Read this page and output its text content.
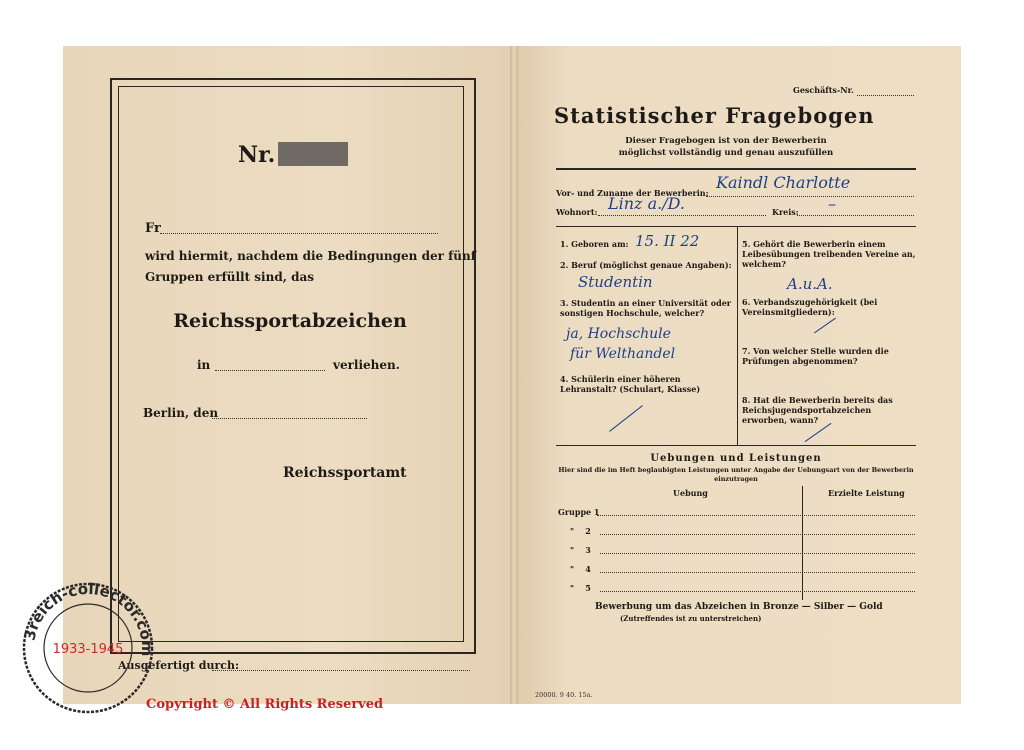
Nr.
Fr
wird hiermit, nachdem die Bedingungen der fünf
Gruppen erfüllt sind, das
Reichssportabzeichen
in	verliehen.
Berlin, den
Reichssportamt
Ausgefertigt durch:
Geschäfts-Nr.
Statistischer Fragebogen
Dieser Fragebogen ist von der Bewerberin
möglichst vollständig und genau auszufüllen
Vor- und Zuname der Bewerberin:
Kaindl Charlotte
Wohnort: Linz a./D.	Kreis: –
1. Geboren am: 15. II 22
2. Beruf (möglichst genaue Angaben):
Studentin
3. Studentin an einer Universität oder sonstigen Hochschule, welcher?
ja, Hochschule
für Welthandel
4. Schülerin einer höheren Lehranstalt? (Schulart, Klasse)
5. Gehört die Bewerberin einem Leibesübungen treibenden Vereine an, welchem?
A.u.A.
6. Verbandszugehörigkeit (bei Vereinsmitgliedern):
7. Von welcher Stelle wurden die Prüfungen abgenommen?
8. Hat die Bewerberin bereits das Reichsjugendsportabzeichen erworben, wann?
Uebungen und Leistungen
Hier sind die im Heft beglaubigten Leistungen unter Angabe der Uebungsart von der Bewerberin
einzutragen
Uebung	Erzielte Leistung
Gruppe 1
"    2
"    3
"    4
"    5
Bewerbung um das Abzeichen in Bronze — Silber — Gold
(Zutreffendes ist zu unterstreichen)
20000. 9 40. 15a.
3reich-collector.com
1933-1945
Copyright © All Rights Reserved
